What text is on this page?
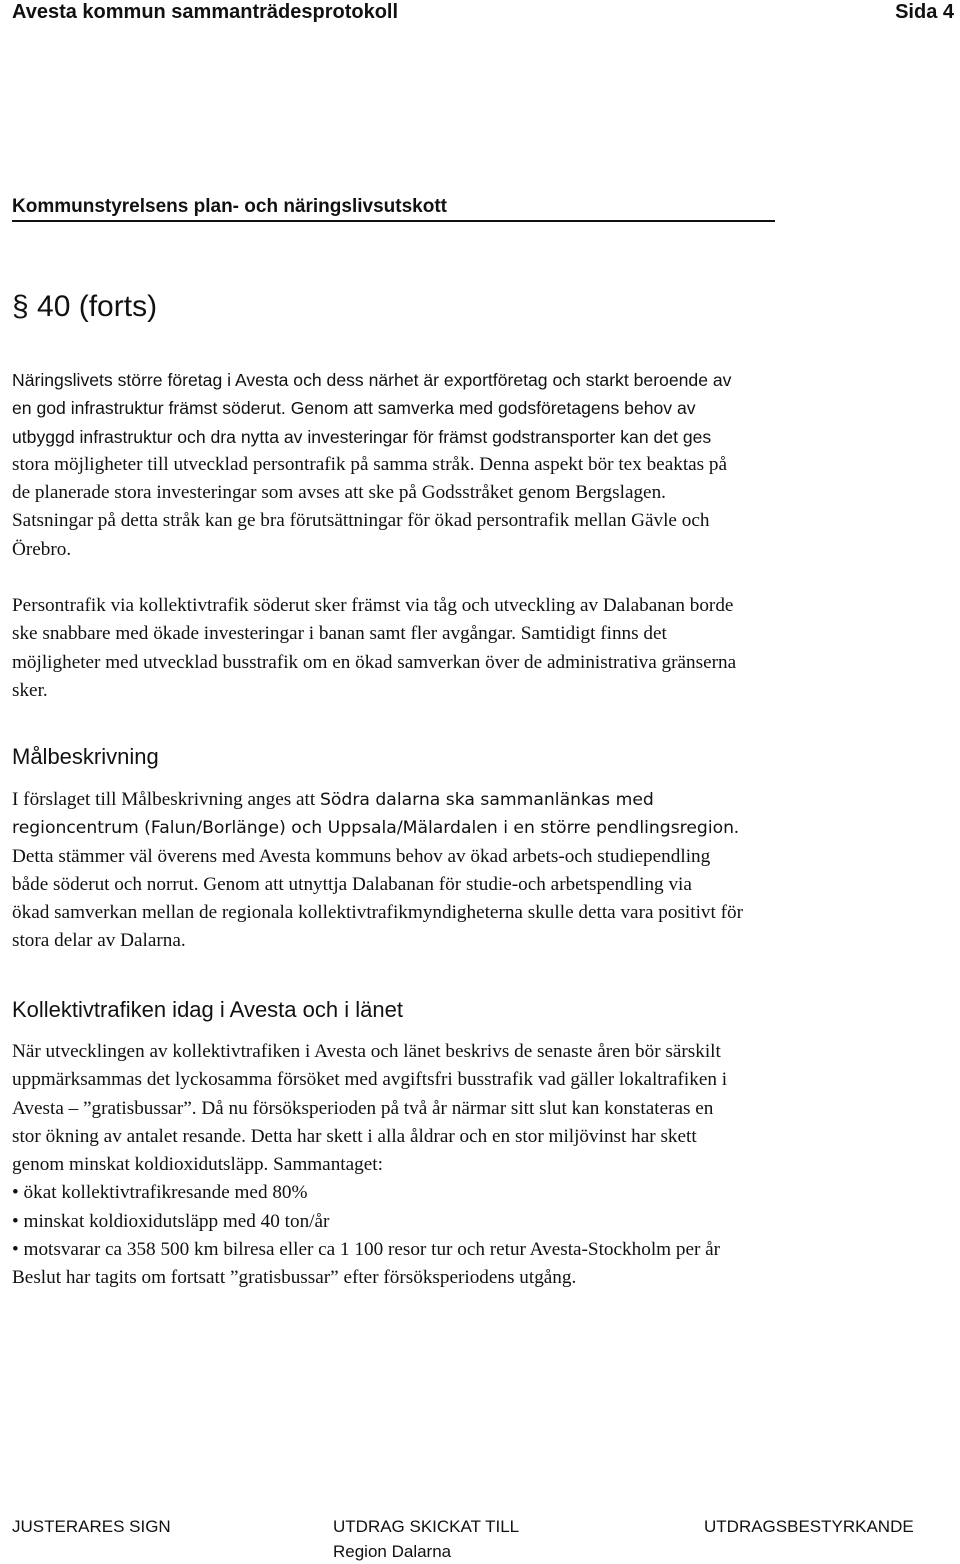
Avesta kommun sammanträdesprotokoll	Sida 4
Kommunstyrelsens plan- och näringslivsutskott
§ 40 (forts)
Näringslivets större företag i Avesta och dess närhet är exportföretag och starkt beroende av
en god infrastruktur främst söderut. Genom att samverka med godsföretagens behov av
utbyggd infrastruktur och dra nytta av investeringar för främst godstransporter kan det ges
stora möjligheter till utvecklad persontrafik på samma stråk. Denna aspekt bör tex beaktas på
de planerade stora investeringar som avses att ske på Godsstråket genom Bergslagen.
Satsningar på detta stråk kan ge bra förutsättningar för ökad persontrafik mellan Gävle och
Örebro.
Persontrafik via kollektivtrafik söderut sker främst via tåg och utveckling av Dalabanan borde
ske snabbare med ökade investeringar i banan samt fler avgångar. Samtidigt finns det
möjligheter med utvecklad busstrafik om en ökad samverkan över de administrativa gränserna
sker.
Målbeskrivning
I förslaget till Målbeskrivning anges att Södra dalarna ska sammanlänkas med
regioncentrum (Falun/Borlänge) och Uppsala/Mälardalen i en större pendlingsregion.
Detta stämmer väl överens med Avesta kommuns behov av ökad arbets-och studiependling
både söderut och norrut. Genom att utnyttja Dalabanan för studie-och arbetspendling via
ökad samverkan mellan de regionala kollektivtrafikmyndigheterna skulle detta vara positivt för
stora delar av Dalarna.
Kollektivtrafiken idag i Avesta och i länet
När utvecklingen av kollektivtrafiken i Avesta och länet beskrivs de senaste åren bör särskilt
uppmärksammas det lyckosamma försöket med avgiftsfri busstrafik vad gäller lokaltrafiken i
Avesta – ”gratisbussar”. Då nu försöksperioden på två år närmar sitt slut kan konstateras en
stor ökning av antalet resande. Detta har skett i alla åldrar och en stor miljövinst har skett
genom minskat koldioxidutsläpp. Sammantaget:
• ökat kollektivtrafikresande med 80%
• minskat koldioxidutsläpp med 40 ton/år
• motsvarar ca 358 500 km bilresa eller ca 1 100 resor tur och retur Avesta-Stockholm per år
Beslut har tagits om fortsatt ”gratisbussar” efter försöksperiodens utgång.
JUSTERARES SIGN	UTDRAG SKICKAT TILL
Region Dalarna
UTDRAGSBESTYRKANDE
